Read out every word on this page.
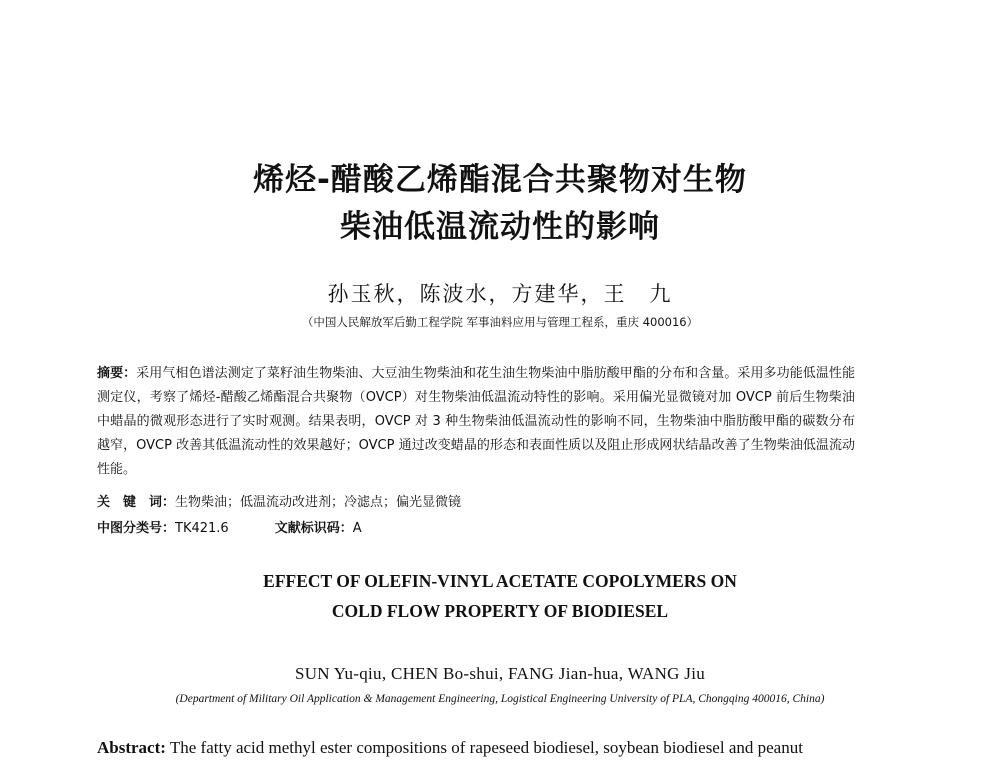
烯烃-醋酸乙烯酯混合共聚物对生物
柴油低温流动性的影响
孙玉秋，陈波水，方建华，王　九
（中国人民解放军后勤工程学院 军事油料应用与管理工程系，重庆 400016）
摘要：采用气相色谱法测定了菜籽油生物柴油、大豆油生物柴油和花生油生物柴油中脂肪酸甲酯的分布和含量。采用多功能低温性能测定仪，考察了烯烃-醋酸乙烯酯混合共聚物（OVCP）对生物柴油低温流动特性的影响。采用偏光显微镜对加 OVCP 前后生物柴油中蜡晶的微观形态进行了实时观测。结果表明，OVCP 对 3 种生物柴油低温流动性的影响不同，生物柴油中脂肪酸甲酯的碳数分布越窄，OVCP 改善其低温流动性的效果越好；OVCP 通过改变蜡晶的形态和表面性质以及阻止形成网状结晶改善了生物柴油低温流动性能。
关　键　词：生物柴油；低温流动改进剂；冷滤点；偏光显微镜
中图分类号：TK421.6	文献标识码：A
EFFECT OF OLEFIN-VINYL ACETATE COPOLYMERS ON
COLD FLOW PROPERTY OF BIODIESEL
SUN Yu-qiu, CHEN Bo-shui, FANG Jian-hua, WANG Jiu
(Department of Military Oil Application & Management Engineering, Logistical Engineering University of PLA, Chongqing 400016, China)
Abstract: The fatty acid methyl ester compositions of rapeseed biodiesel, soybean biodiesel and peanut
